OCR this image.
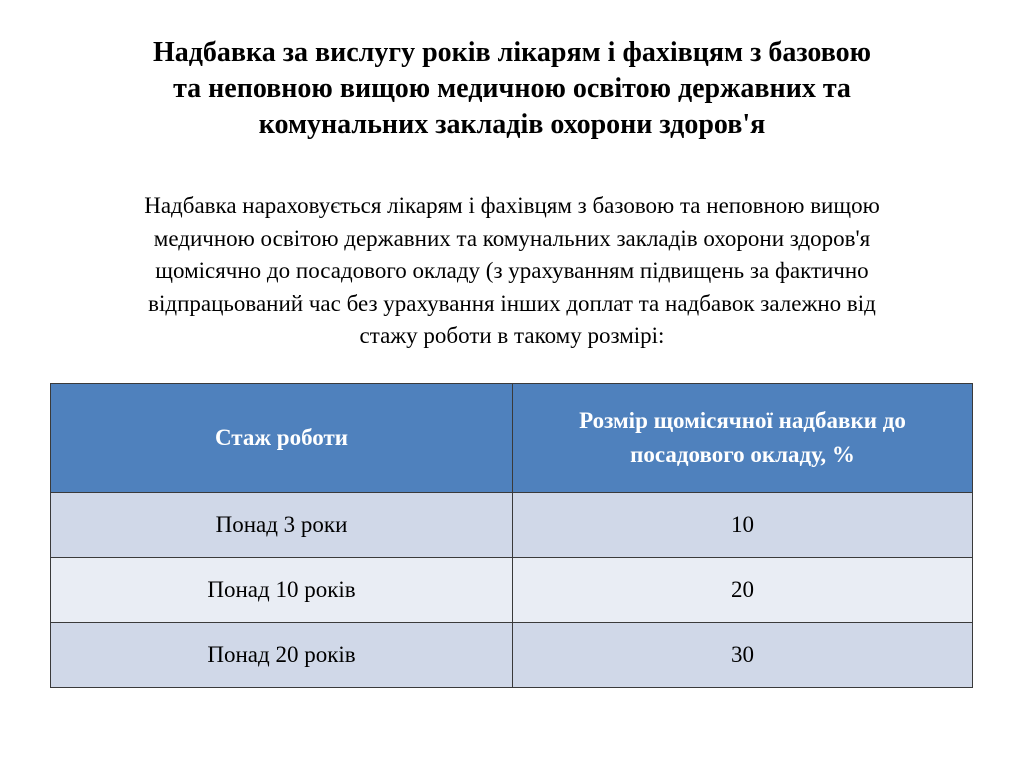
Надбавка за вислугу років лікарям і фахівцям з базовою
та неповною вищою медичною освітою державних та
комунальних закладів охорони здоров'я

Надбавка нараховується лікарям і фахівцям з базовою та неповною вищою
медичною освітою державних та комунальних закладів охорони здоров'я
щомісячно до посадового окладу (з урахуванням підвищень за фактично
відпрацьований час без урахування інших доплат та надбавок залежно від
стажу роботи в такому розмірі:

Стаж роботи	Розмір щомісячної надбавки до
посадового окладу, %
Понад 3 роки	10
Понад 10 років	20
Понад 20 років	30
